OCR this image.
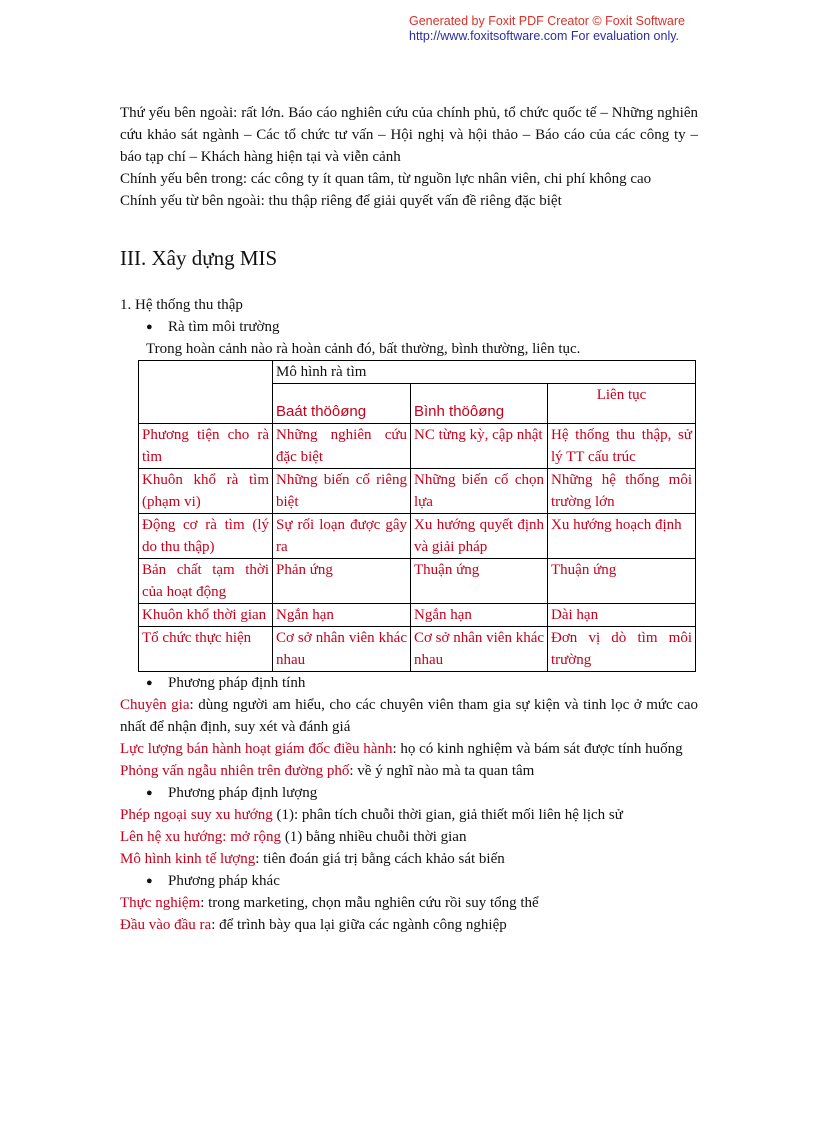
Generated by Foxit PDF Creator © Foxit Software
http://www.foxitsoftware.com For evaluation only.

Thứ yếu bên ngoài: rất lớn. Báo cáo nghiên cứu của chính phủ, tổ chức quốc tế – Những nghiên cứu khảo sát ngành – Các tổ chức tư vấn – Hội nghị và hội thảo – Báo cáo của các công ty – báo tạp chí – Khách hàng hiện tại và viễn cảnh

Chính yếu bên trong: các công ty ít quan tâm, từ nguồn lực nhân viên, chi phí không cao

Chính yếu từ bên ngoài: thu thập riêng để giải quyết vấn đề riêng đặc biệt

III. Xây dựng MIS

1. Hệ thống thu thập

●	Rà tìm môi trường

Trong hoàn cảnh nào rà hoàn cảnh đó, bất thường, bình thường, liên tục.

	Mô hình rà tìm		
	Baát thöôøng	Bình thöôøng	Liên tục
Phương tiện cho rà tìm	Những nghiên cứu đặc biệt	NC từng kỳ, cập nhật	Hệ thống thu thập, sử lý TT cấu trúc
Khuôn khổ rà tìm (phạm vi)	Những biến cố riêng biệt	Những biến cố chọn lựa	Những hệ thống môi trường lớn
Động cơ rà tìm (lý do thu thập)	Sự rối loạn được gây ra	Xu hướng quyết định và giải pháp	Xu hướng hoạch định
Bản chất tạm thời của hoạt động	Phản ứng	Thuận ứng	Thuận ứng
Khuôn khổ thời gian	Ngắn hạn	Ngắn hạn	Dài hạn
Tổ chức thực hiện	Cơ sở nhân viên khác nhau	Cơ sở nhân viên khác nhau	Đơn vị dò tìm môi trường
●	Phương pháp định tính

Chuyên gia: dùng người am hiểu, cho các chuyên viên tham gia sự kiện và tinh lọc ở mức cao nhất để nhận định, suy xét và đánh giá

Lực lượng bán hành hoạt giám đốc điều hành: họ có kinh nghiệm và bám sát được tính huống

Phỏng vấn ngẫu nhiên trên đường phố: về ý nghĩ nào mà ta quan tâm

●	Phương pháp định lượng

Phép ngoại suy xu hướng (1): phân tích chuỗi thời gian, giả thiết mối liên hệ lịch sử

Lên hệ xu hướng: mở rộng (1) bằng nhiều chuỗi thời gian

Mô hình kinh tế lượng: tiên đoán giá trị bằng cách khảo sát biến

●	Phương pháp khác

Thực nghiệm: trong marketing, chọn mẫu nghiên cứu rồi suy tổng thể

Đầu vào đầu ra: để trình bày qua lại giữa các ngành công nghiệp
